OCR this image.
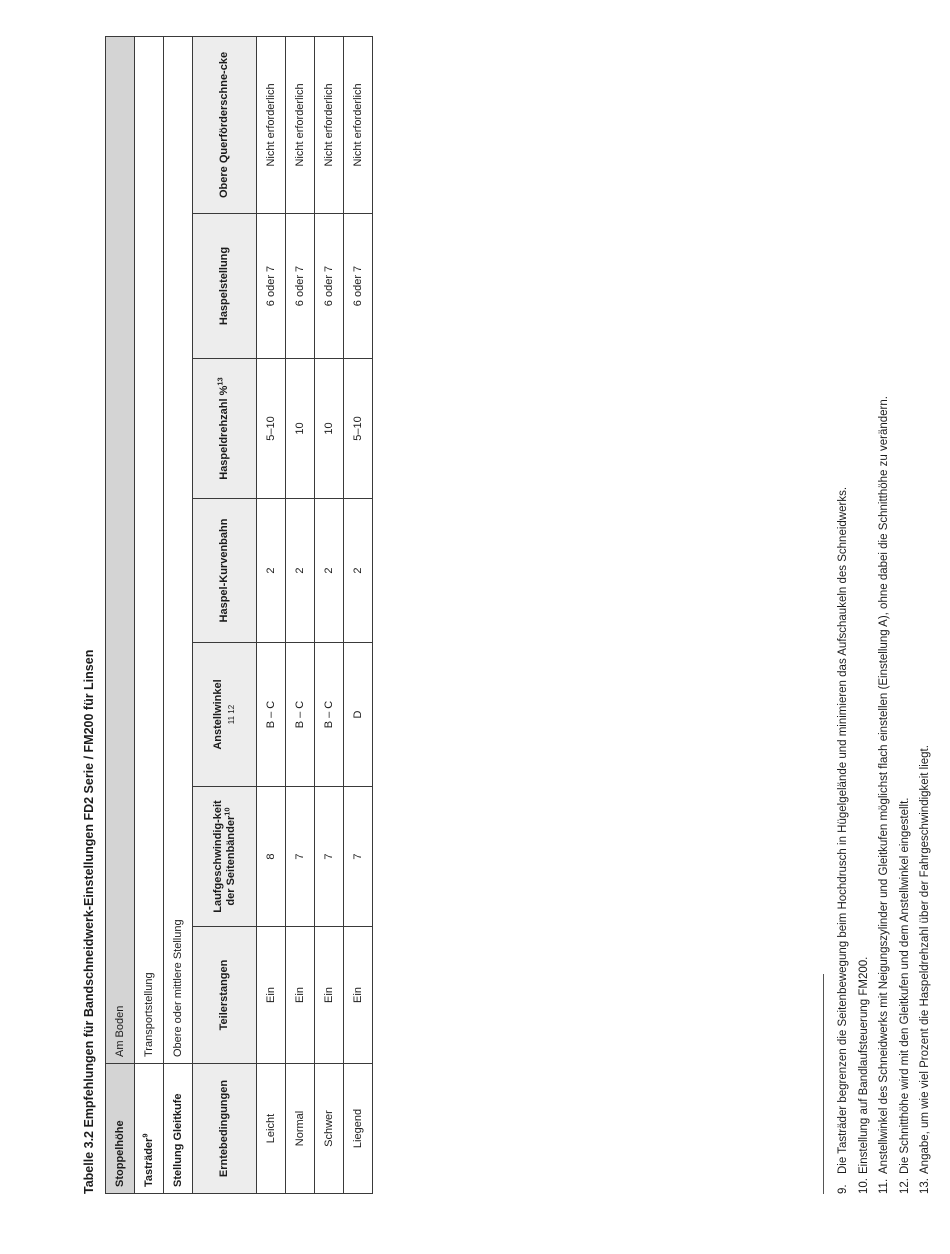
Tabelle 3.2 Empfehlungen für Bandschneidwerk-Einstellungen FD2 Serie / FM200 für Linsen Stoppelhöhe	Am Boden						
Tasträder$^9$	Transportstellung						
Stellung Gleitkufe	Obere oder mittlere Stellung						
Erntebedingungen	Teilerstangen	Laufgeschwindig-keit der Seitenbänder$^{10}$	Anstellwinkel 11 12	Haspel-Kurvenbahn	Haspeldrehzahl %$^{13}$	Haspelstellung	Obere Querförderschne-cke
Leicht	Ein	8	B – C	2	5–10	6 oder 7	Nicht erforderlich
Normal	Ein	7	B – C	2	10	6 oder 7	Nicht erforderlich
Schwer	Ein	7	B – C	2	10	6 oder 7	Nicht erforderlich
Liegend	Ein	7	D	2	5–10	6 oder 7	Nicht erforderlich
9.Die Tasträder begrenzen die Seitenbewegung beim Hochdrusch in Hügelgelände und minimieren das Aufschaukeln des Schneidwerks.
10.Einstellung auf Bandlaufsteuerung FM200.
11.Anstellwinkel des Schneidwerks mit Neigungszylinder und Gleitkufen möglichst flach einstellen (Einstellung A), ohne dabei die Schnitthöhe zu verändern.
12.Die Schnitthöhe wird mit den Gleitkufen und dem Anstellwinkel eingestellt.
13.Angabe, um wie viel Prozent die Haspeldrehzahl über der Fahrgeschwindigkeit liegt.
